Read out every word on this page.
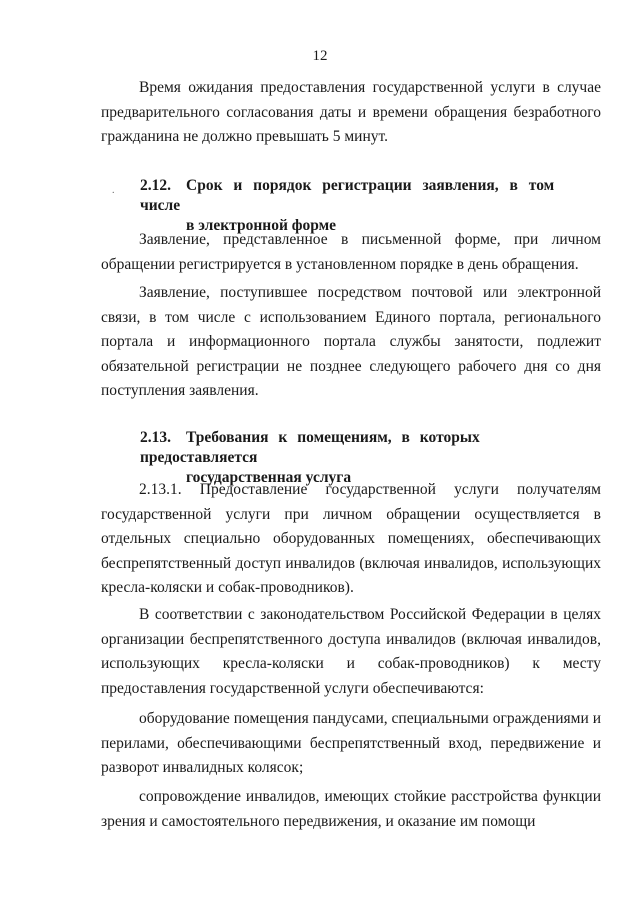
12

Время ожидания предоставления государственной услуги в случае предварительного согласования даты и времени обращения безработного гражданина не должно превышать 5 минут.

. 2.12. Срок и порядок регистрации заявления, в том числе
в электронной форме

Заявление, представленное в письменной форме, при личном обращении регистрируется в установленном порядке в день обращения.

Заявление, поступившее посредством почтовой или электронной связи, в том числе с использованием Единого портала, регионального портала и информационного портала службы занятости, подлежит обязательной регистрации не позднее следующего рабочего дня со дня поступления заявления.

2.13. Требования к помещениям, в которых предоставляется
государственная услуга

2.13.1. Предоставление государственной услуги получателям государственной услуги при личном обращении осуществляется в отдельных специально оборудованных помещениях, обеспечивающих беспрепятственный доступ инвалидов (включая инвалидов, использующих кресла-коляски и собак-проводников).

В соответствии с законодательством Российской Федерации в целях организации беспрепятственного доступа инвалидов (включая инвалидов, использующих кресла-коляски и собак-проводников) к месту предоставления государственной услуги обеспечиваются:

оборудование помещения пандусами, специальными ограждениями и перилами, обеспечивающими беспрепятственный вход, передвижение и разворот инвалидных колясок;

сопровождение инвалидов, имеющих стойкие расстройства функции зрения и самостоятельного передвижения, и оказание им помощи
